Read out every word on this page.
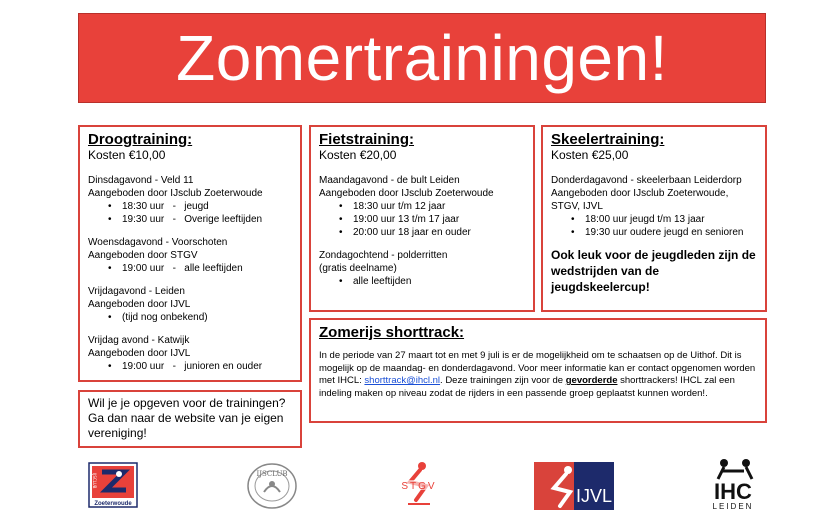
Zomertrainingen!
Droogtraining:
Kosten €10,00

Dinsdagavond - Veld 11

Aangeboden door IJsclub Zoeterwoude

• 18:30 uur   -   jeugd
• 19:30 uur   -   Overige leeftijden

Woensdagavond - Voorschoten

Aangeboden door STGV

• 19:00 uur   -   alle leeftijden

Vrijdagavond - Leiden

Aangeboden door IJVL

• (tijd nog onbekend)

Vrijdag avond - Katwijk

Aangeboden door IJVL

• 19:00 uur   -   junioren en ouder
Wil je je opgeven voor de trainingen? Ga dan naar de website van je eigen vereniging!
Fietstraining:
Kosten €20,00

Maandagavond - de bult Leiden

Aangeboden door IJsclub Zoeterwoude

• 18:30 uur t/m 12 jaar
• 19:00 uur 13 t/m 17 jaar
• 20:00 uur 18 jaar en ouder

Zondagochtend - polderritten

(gratis deelname)

• alle leeftijden
Skeelertraining:
Kosten €25,00

Donderdagavond - skeelerbaan Leiderdorp

Aangeboden door IJsclub Zoeterwoude,

STGV, IJVL

• 18:00 uur jeugd t/m 13 jaar
• 19:30 uur oudere jeugd en senioren
Ook leuk voor de jeugdleden zijn de wedstrijden van de jeugdskeelercup!
Zomerijs shorttrack:

In de periode van 27 maart tot en met 9 juli is er de mogelijkheid om te schaatsen op de Uithof. Dit is mogelijk op de maandag- en donderdagavond. Voor meer informatie kan er contact opgenomen worden met IHCL: shorttrack@ihcl.nl. Deze trainingen zijn voor de gevorderde shorttrackers! IHCL zal een indeling maken op niveau zodat de rijders in een passende groep geplaatst kunnen worden!.

IJSCLUB
Zoeterwoude
IJSCLUB
STGV	IJVL	IHC
LEIDEN
